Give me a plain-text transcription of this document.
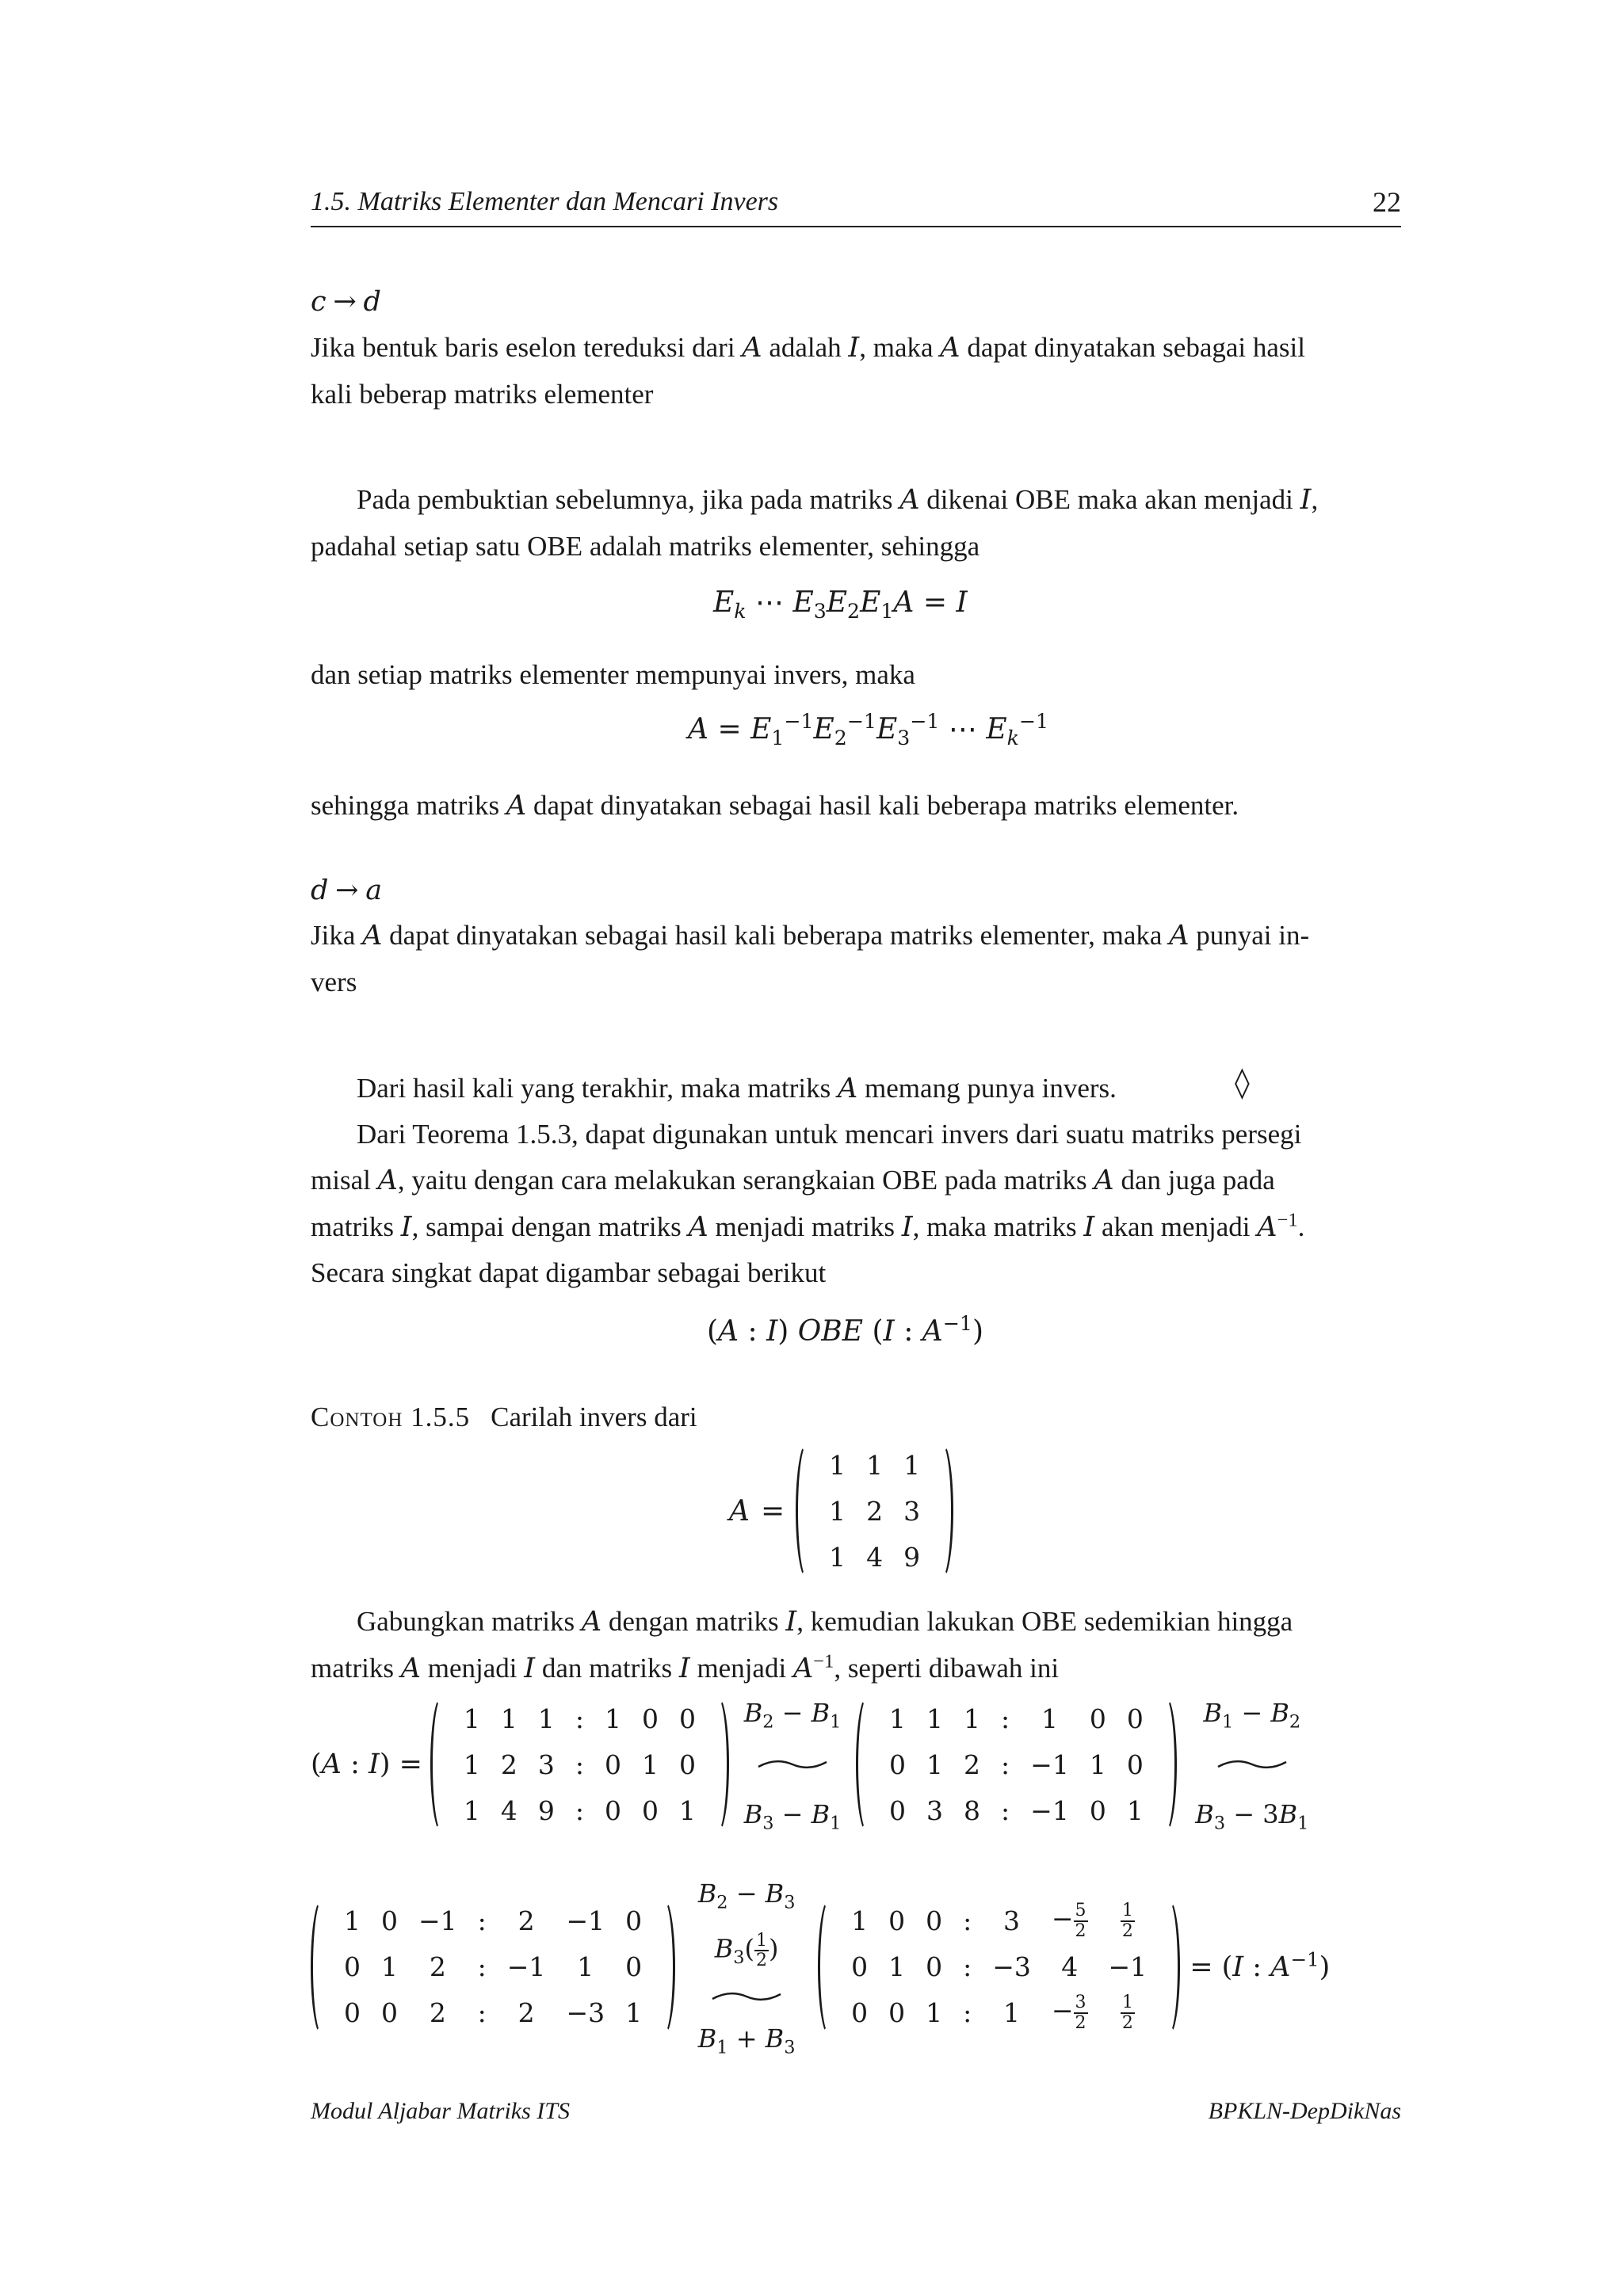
1.5. Matriks Elementer dan Mencari Invers	22
c → d
Jika bentuk baris eselon tereduksi dari A adalah I, maka A dapat dinyatakan sebagai hasil
kali beberap matriks elementer
Pada pembuktian sebelumnya, jika pada matriks A dikenai OBE maka akan menjadi I,
padahal setiap satu OBE adalah matriks elementer, sehingga
$E_k$ ⋯ $E_3E_2E_1A = I$
dan setiap matriks elementer mempunyai invers, maka
$A = E_1^{-1}E_2^{-1}E_3^{-1}$ ⋯ $E_k^{-1}$
sehingga matriks A dapat dinyatakan sebagai hasil kali beberapa matriks elementer.
d → a
Jika A dapat dinyatakan sebagai hasil kali beberapa matriks elementer, maka A punyai in-
vers
Dari hasil kali yang terakhir, maka matriks A memang punya invers.	◊
Dari Teorema 1.5.3, dapat digunakan untuk mencari invers dari suatu matriks persegi
misal A, yaitu dengan cara melakukan serangkaian OBE pada matriks A dan juga pada
matriks I, sampai dengan matriks A menjadi matriks I, maka matriks I akan menjadi $A^{-1}$.
Secara singkat dapat digambar sebagai berikut
(A : I) OBE (I : $A^{-1}$)
Contoh 1.5.5 Carilah invers dari
A =
1	1	1
1	2	3
1	4	9
Gabungkan matriks A dengan matriks I, kemudian lakukan OBE sedemikian hingga
matriks A menjadi I dan matriks I menjadi $A^{-1}$, seperti dibawah ini
(A : I) =
1	1	1	:	1	0	0
1	2	3	:	0	1	0
1	4	9	:	0	0	1
$B_2 - B_1$
$B_3 - B_1$
1	1	1	:	1	0	0
0	1	2	:	−1	1	0
0	3	8	:	−1	0	1
$B_1 - B_2$
$B_3 - 3B_1$
1	0	−1	:	2	−1	0
0	1	2	:	−1	1	0
0	0	2	:	2	−3	1
$B_2 - B_3$
$B_3( \frac{1}{2}$ )
$B_1 + B_3$
1	0	0	:	3	− $\frac{5}{2}$	$\frac{1}{2}$

0	1	0	:	−3	4	−1
0	0	1	:	1	− $\frac{3}{2}$	$\frac{1}{2}$
= (I : $A^{-1}$)
Modul Aljabar Matriks ITS	BPKLN-DepDikNas
